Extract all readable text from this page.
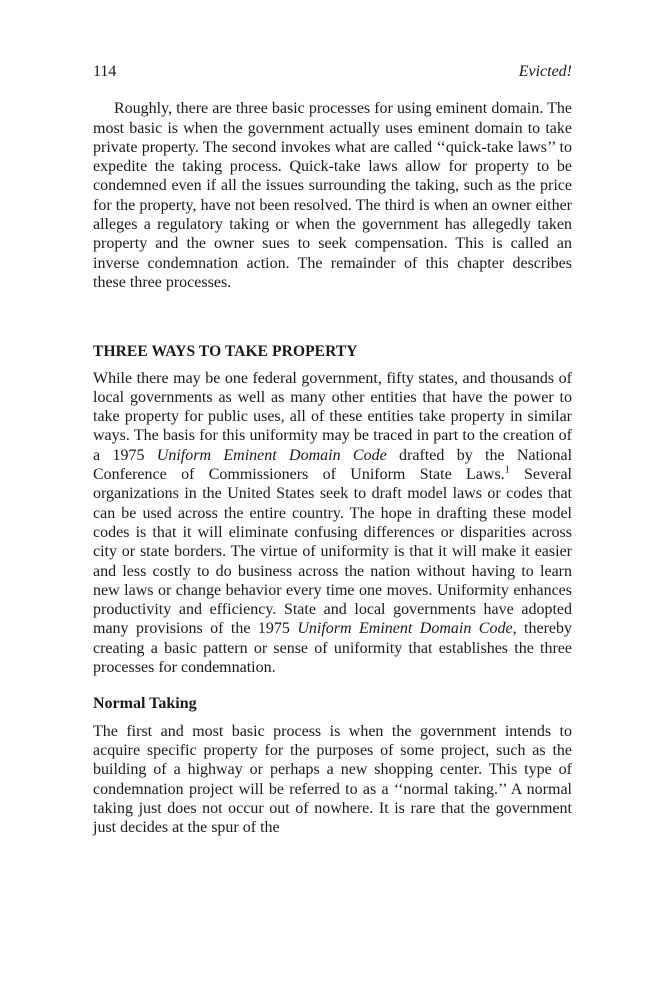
114	Evicted!

Roughly, there are three basic processes for using eminent domain. The most basic is when the government actually uses eminent domain to take private property. The second invokes what are called ‘‘quick-take laws’’ to expedite the taking process. Quick-take laws allow for property to be condemned even if all the issues surrounding the taking, such as the price for the property, have not been resolved. The third is when an owner either alleges a regulatory taking or when the government has allegedly taken property and the owner sues to seek compensation. This is called an inverse condemnation action. The remainder of this chapter describes these three processes.

THREE WAYS TO TAKE PROPERTY

While there may be one federal government, fifty states, and thousands of local governments as well as many other entities that have the power to take property for public uses, all of these entities take property in similar ways. The basis for this uniformity may be traced in part to the creation of a 1975 Uniform Eminent Domain Code drafted by the National Conference of Commissioners of Uniform State Laws.$^1$ Several organizations in the United States seek to draft model laws or codes that can be used across the entire country. The hope in drafting these model codes is that it will eliminate confusing differences or disparities across city or state borders. The virtue of uniformity is that it will make it easier and less costly to do business across the nation without having to learn new laws or change behavior every time one moves. Uniformity enhances productivity and efficiency. State and local governments have adopted many provisions of the 1975 Uniform Eminent Domain Code, thereby creating a basic pattern or sense of uniformity that establishes the three processes for condemnation.

Normal Taking

The first and most basic process is when the government intends to acquire specific property for the purposes of some project, such as the building of a highway or perhaps a new shopping center. This type of condemnation project will be referred to as a ‘‘normal taking.’’ A normal taking just does not occur out of nowhere. It is rare that the government just decides at the spur of the
